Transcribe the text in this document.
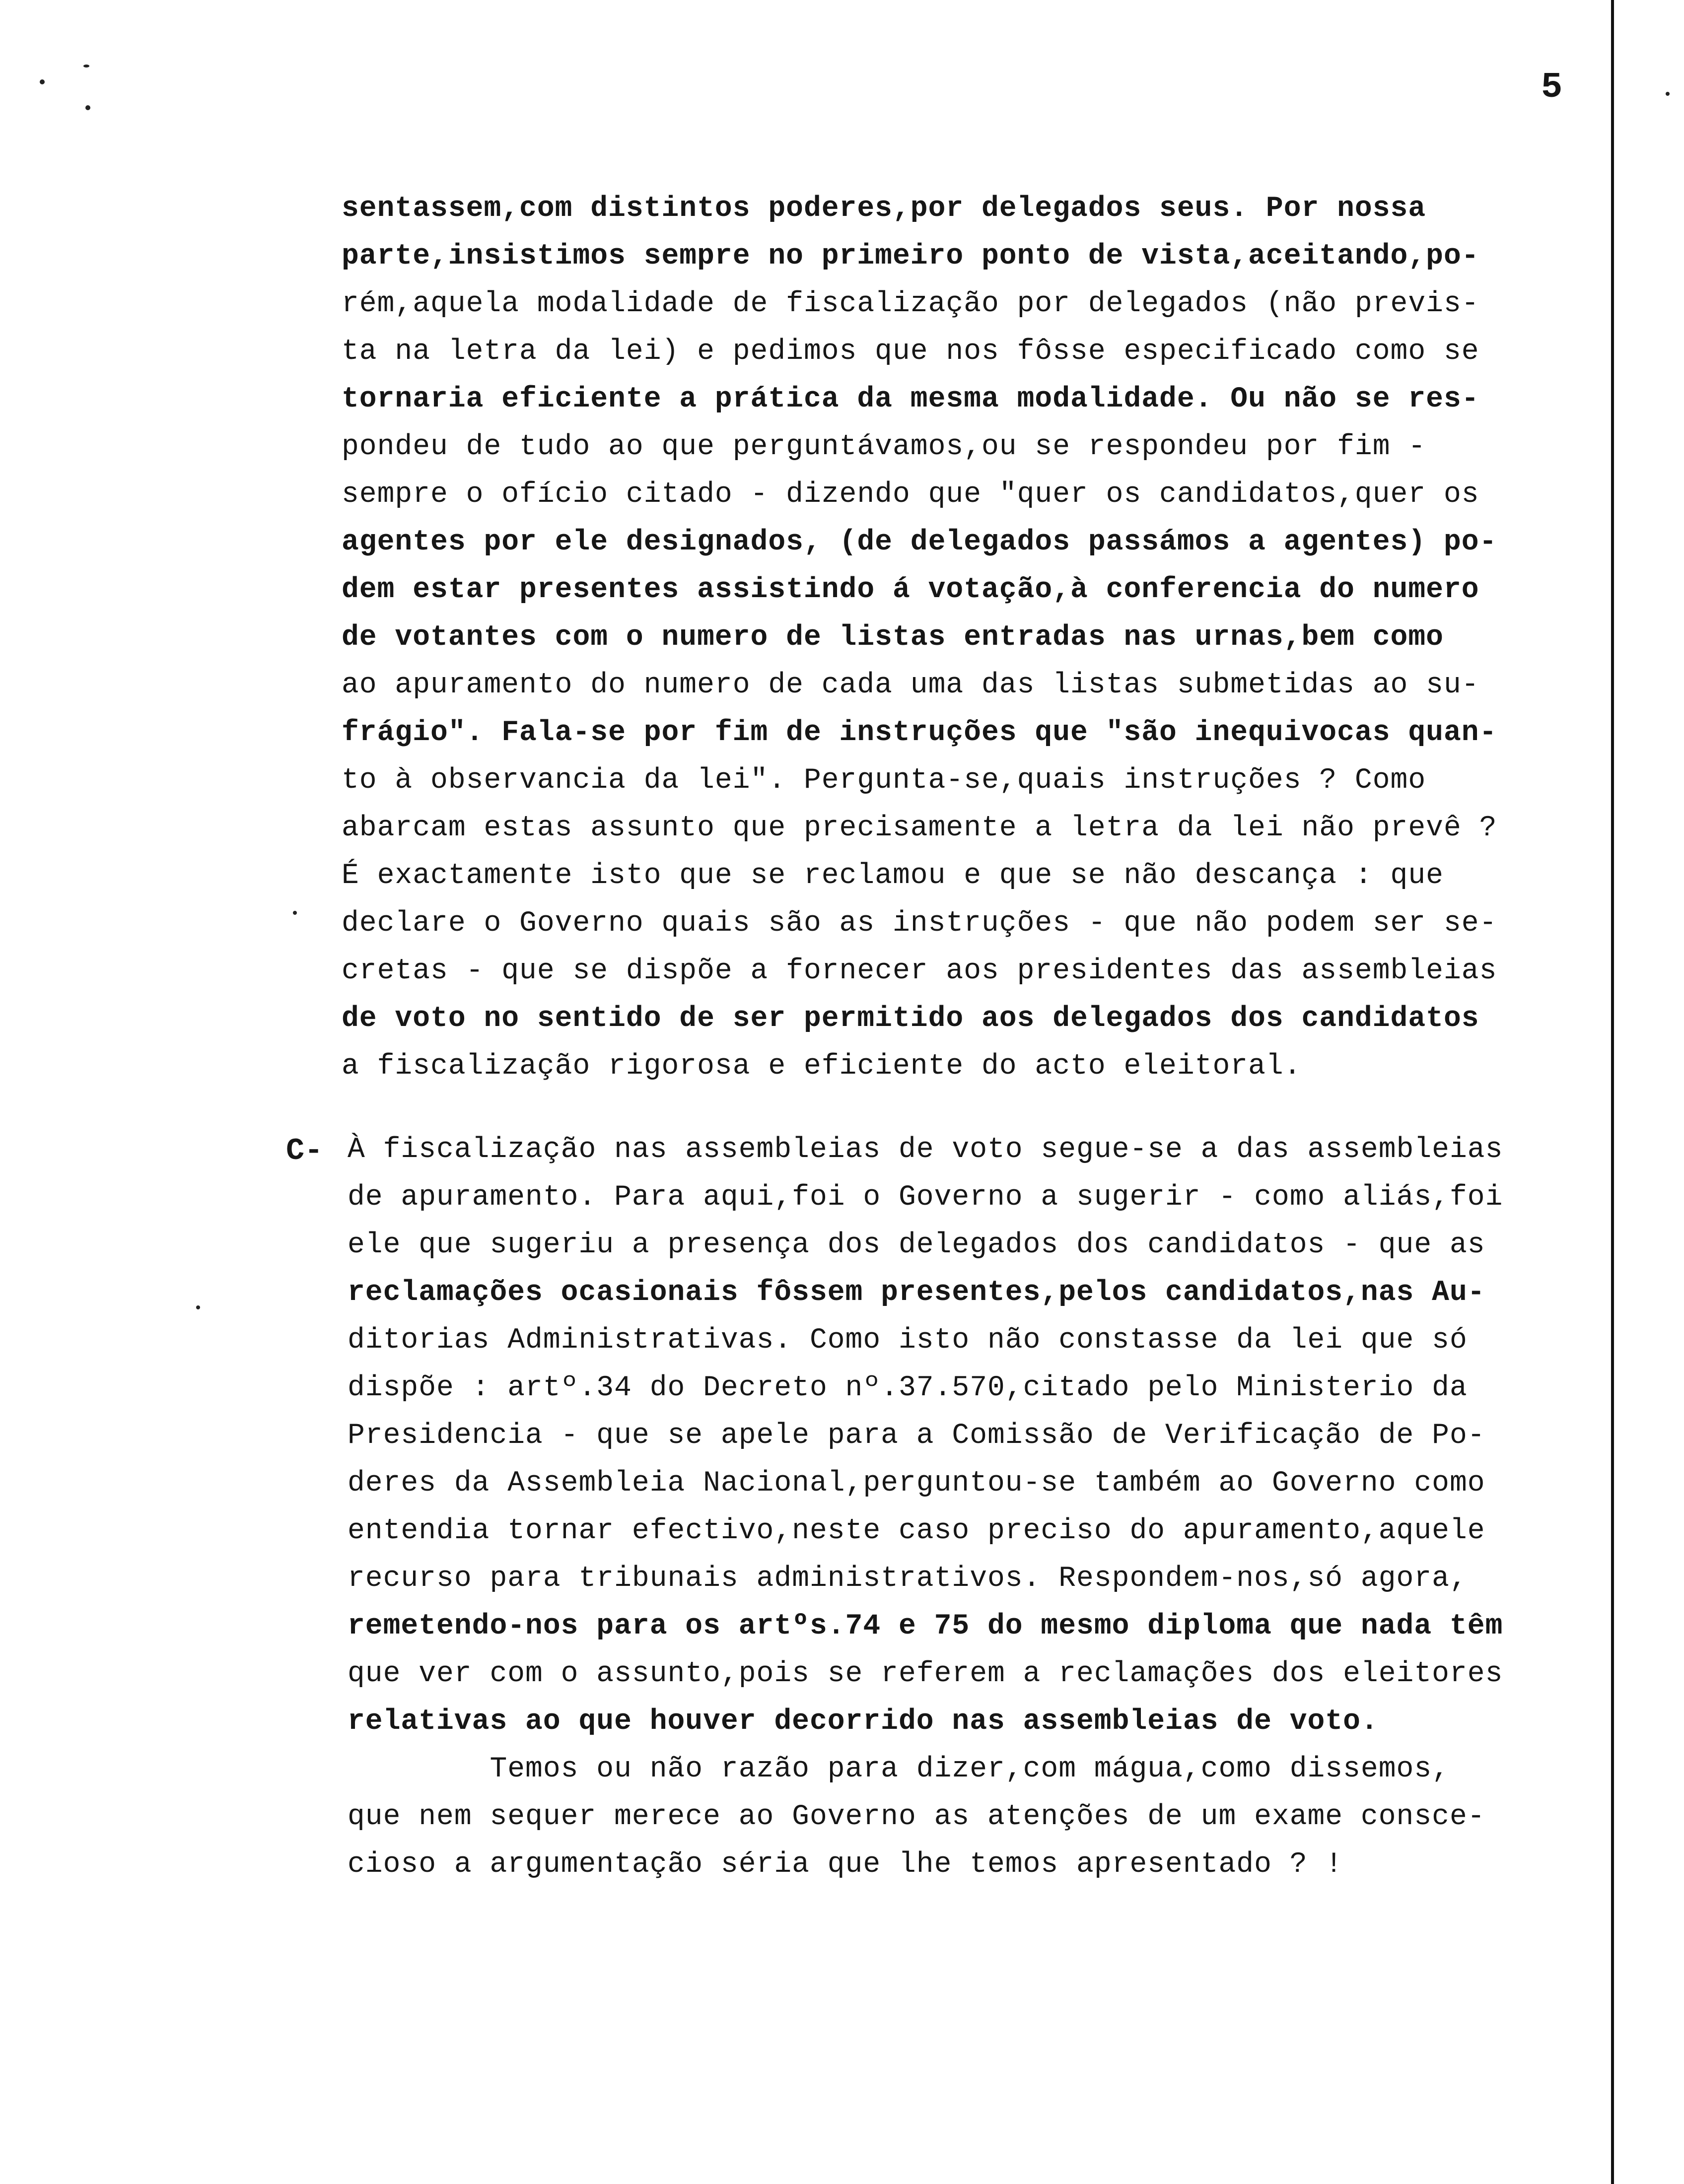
5
sentassem,com distintos poderes,por delegados seus. Por nossa
parte,insistimos sempre no primeiro ponto de vista,aceitando,po-
rém,aquela modalidade de fiscalização por delegados (não previs-
ta na letra da lei) e pedimos que nos fôsse especificado como se
tornaria eficiente a prática da mesma modalidade. Ou não se res-
pondeu de tudo ao que perguntávamos,ou se respondeu por fim -
sempre o ofício citado - dizendo que "quer os candidatos,quer os
agentes por ele designados, (de delegados passámos a agentes) po-
dem estar presentes assistindo á votação,à conferencia do numero
de votantes com o numero de listas entradas nas urnas,bem como
ao apuramento do numero de cada uma das listas submetidas ao su-
frágio". Fala-se por fim de instruções que "são inequivocas quan-
to à observancia da lei". Pergunta-se,quais instruções ? Como
abarcam estas assunto que precisamente a letra da lei não prevê ?
É exactamente isto que se reclamou e que se não descança : que
declare o Governo quais são as instruções - que não podem ser se-
cretas - que se dispõe a fornecer aos presidentes das assembleias
de voto no sentido de ser permitido aos delegados dos candidatos
a fiscalização rigorosa e eficiente do acto eleitoral.
C- À fiscalização nas assembleias de voto segue-se a das assembleias
de apuramento. Para aqui,foi o Governo a sugerir - como aliás,foi
ele que sugeriu a presença dos delegados dos candidatos - que as
reclamações ocasionais fôssem presentes,pelos candidatos,nas Au-
ditorias Administrativas. Como isto não constasse da lei que só
dispõe : artº.34 do Decreto nº.37.570,citado pelo Ministerio da
Presidencia - que se apele para a Comissão de Verificação de Po-
deres da Assembleia Nacional,perguntou-se também ao Governo como
entendia tornar efectivo,neste caso preciso do apuramento,aquele
recurso para tribunais administrativos. Respondem-nos,só agora,
remetendo-nos para os artºs.74 e 75 do mesmo diploma que nada têm
que ver com o assunto,pois se referem a reclamações dos eleitores
relativas ao que houver decorrido nas assembleias de voto.
Temos ou não razão para dizer,com mágua,como dissemos,
que nem sequer merece ao Governo as atenções de um exame consce-
cioso a argumentação séria que lhe temos apresentado ? !
